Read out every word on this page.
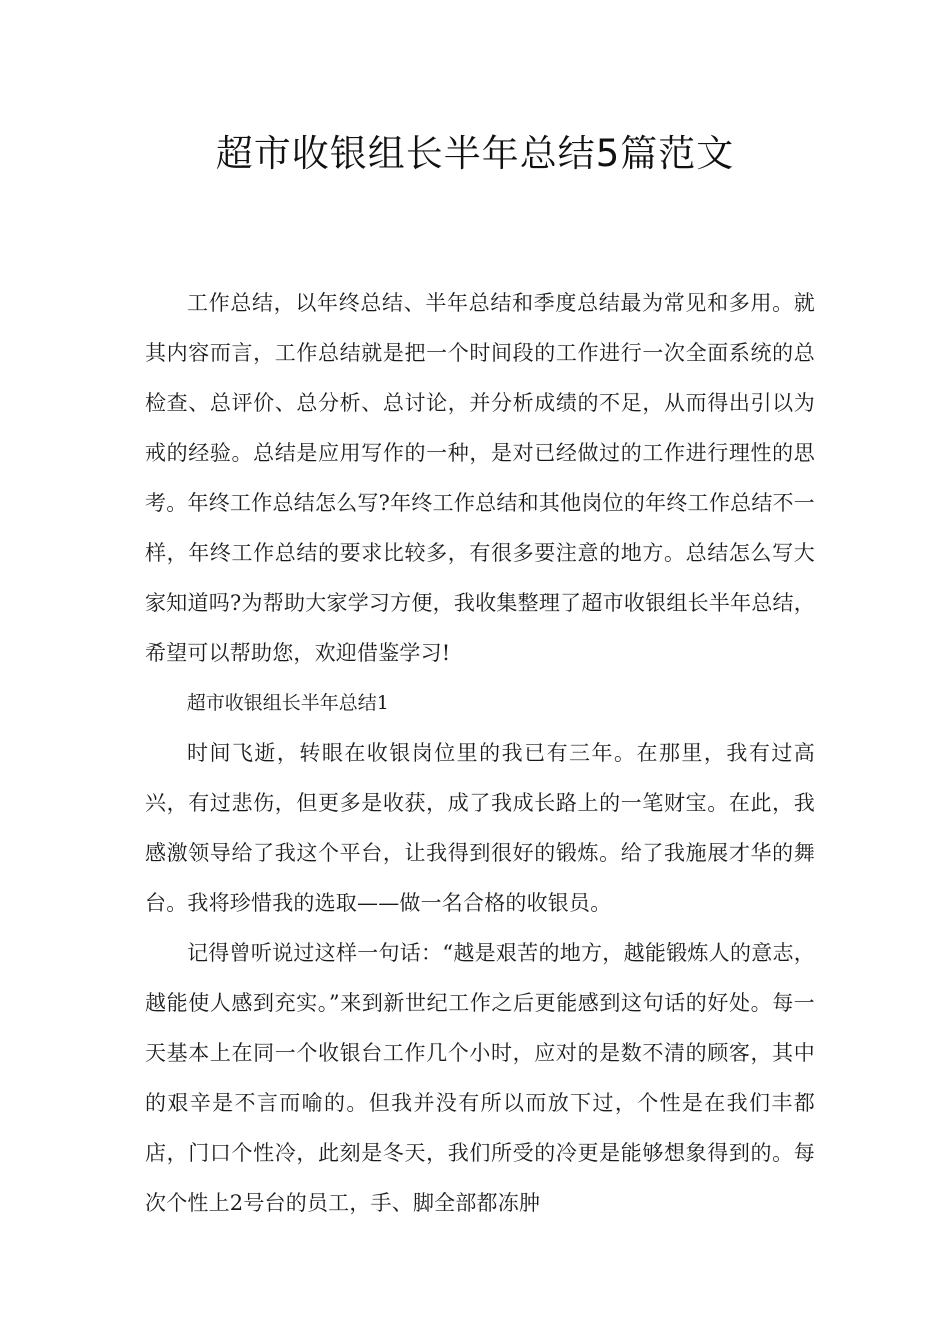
超市收银组长半年总结5篇范文

工作总结，以年终总结、半年总结和季度总结最为常见和多用。就其内容而言，工作总结就是把一个时间段的工作进行一次全面系统的总检查、总评价、总分析、总讨论，并分析成绩的不足，从而得出引以为戒的经验。总结是应用写作的一种，是对已经做过的工作进行理性的思考。年终工作总结怎么写?年终工作总结和其他岗位的年终工作总结不一样，年终工作总结的要求比较多，有很多要注意的地方。总结怎么写大家知道吗?为帮助大家学习方便，我收集整理了超市收银组长半年总结，希望可以帮助您，欢迎借鉴学习!

超市收银组长半年总结1

时间飞逝，转眼在收银岗位里的我已有三年。在那里，我有过高兴，有过悲伤，但更多是收获，成了我成长路上的一笔财宝。在此，我感激领导给了我这个平台，让我得到很好的锻炼。给了我施展才华的舞台。我将珍惜我的选取——做一名合格的收银员。

记得曾听说过这样一句话：“越是艰苦的地方，越能锻炼人的意志，越能使人感到充实。”来到新世纪工作之后更能感到这句话的好处。每一天基本上在同一个收银台工作几个小时，应对的是数不清的顾客，其中的艰辛是不言而喻的。但我并没有所以而放下过，个性是在我们丰都店，门口个性冷，此刻是冬天，我们所受的冷更是能够想象得到的。每次个性上2号台的员工，手、脚全部都冻肿
